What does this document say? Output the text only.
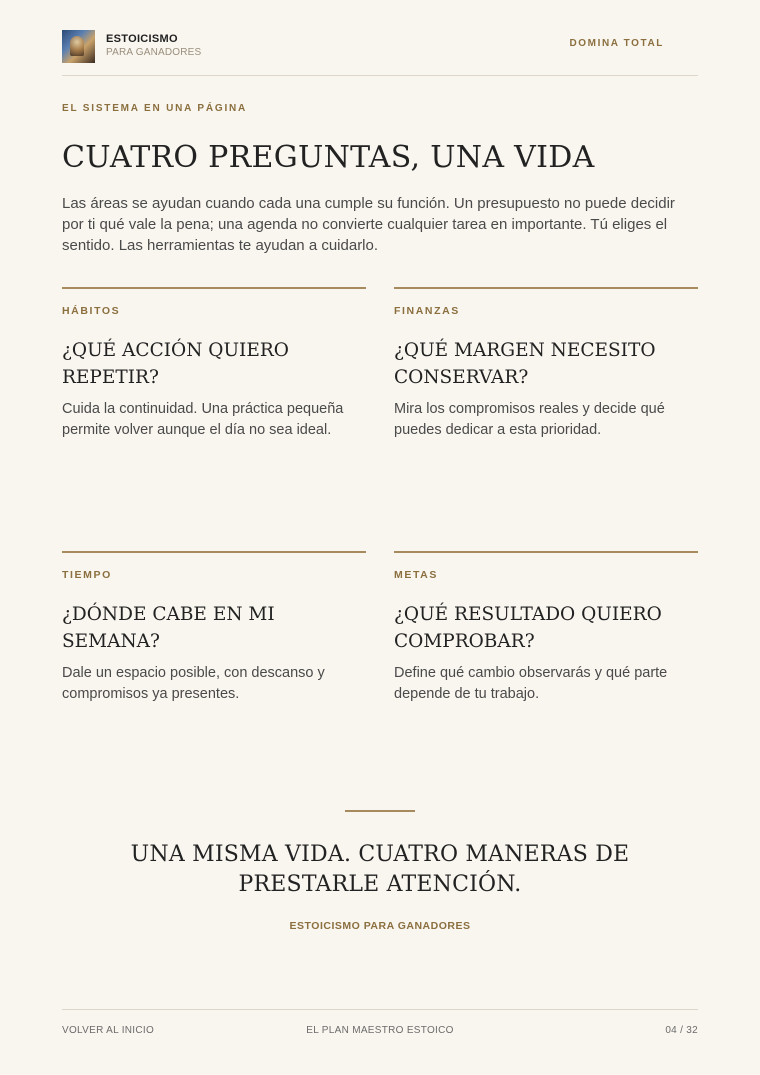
ESTOICISMO
PARA GANADORES
DOMINA TOTAL
EL SISTEMA EN UNA PÁGINA
CUATRO PREGUNTAS, UNA VIDA

Las áreas se ayudan cuando cada una cumple su función. Un presupuesto no puede decidir por ti qué vale la pena; una agenda no convierte cualquier tarea en importante. Tú eliges el sentido. Las herramientas te ayudan a cuidarlo.

HÁBITOS
¿QUÉ ACCIÓN QUIERO REPETIR?
Cuida la continuidad. Una práctica pequeña permite volver aunque el día no sea ideal.
FINANZAS
¿QUÉ MARGEN NECESITO CONSERVAR?
Mira los compromisos reales y decide qué puedes dedicar a esta prioridad.
TIEMPO
¿DÓNDE CABE EN MI SEMANA?
Dale un espacio posible, con descanso y compromisos ya presentes.
METAS
¿QUÉ RESULTADO QUIERO COMPROBAR?
Define qué cambio observarás y qué parte depende de tu trabajo.
UNA MISMA VIDA. CUATRO MANERAS DE PRESTARLE ATENCIÓN.
ESTOICISMO PARA GANADORES
VOLVER AL INICIO	EL PLAN MAESTRO ESTOICO	04 / 32
